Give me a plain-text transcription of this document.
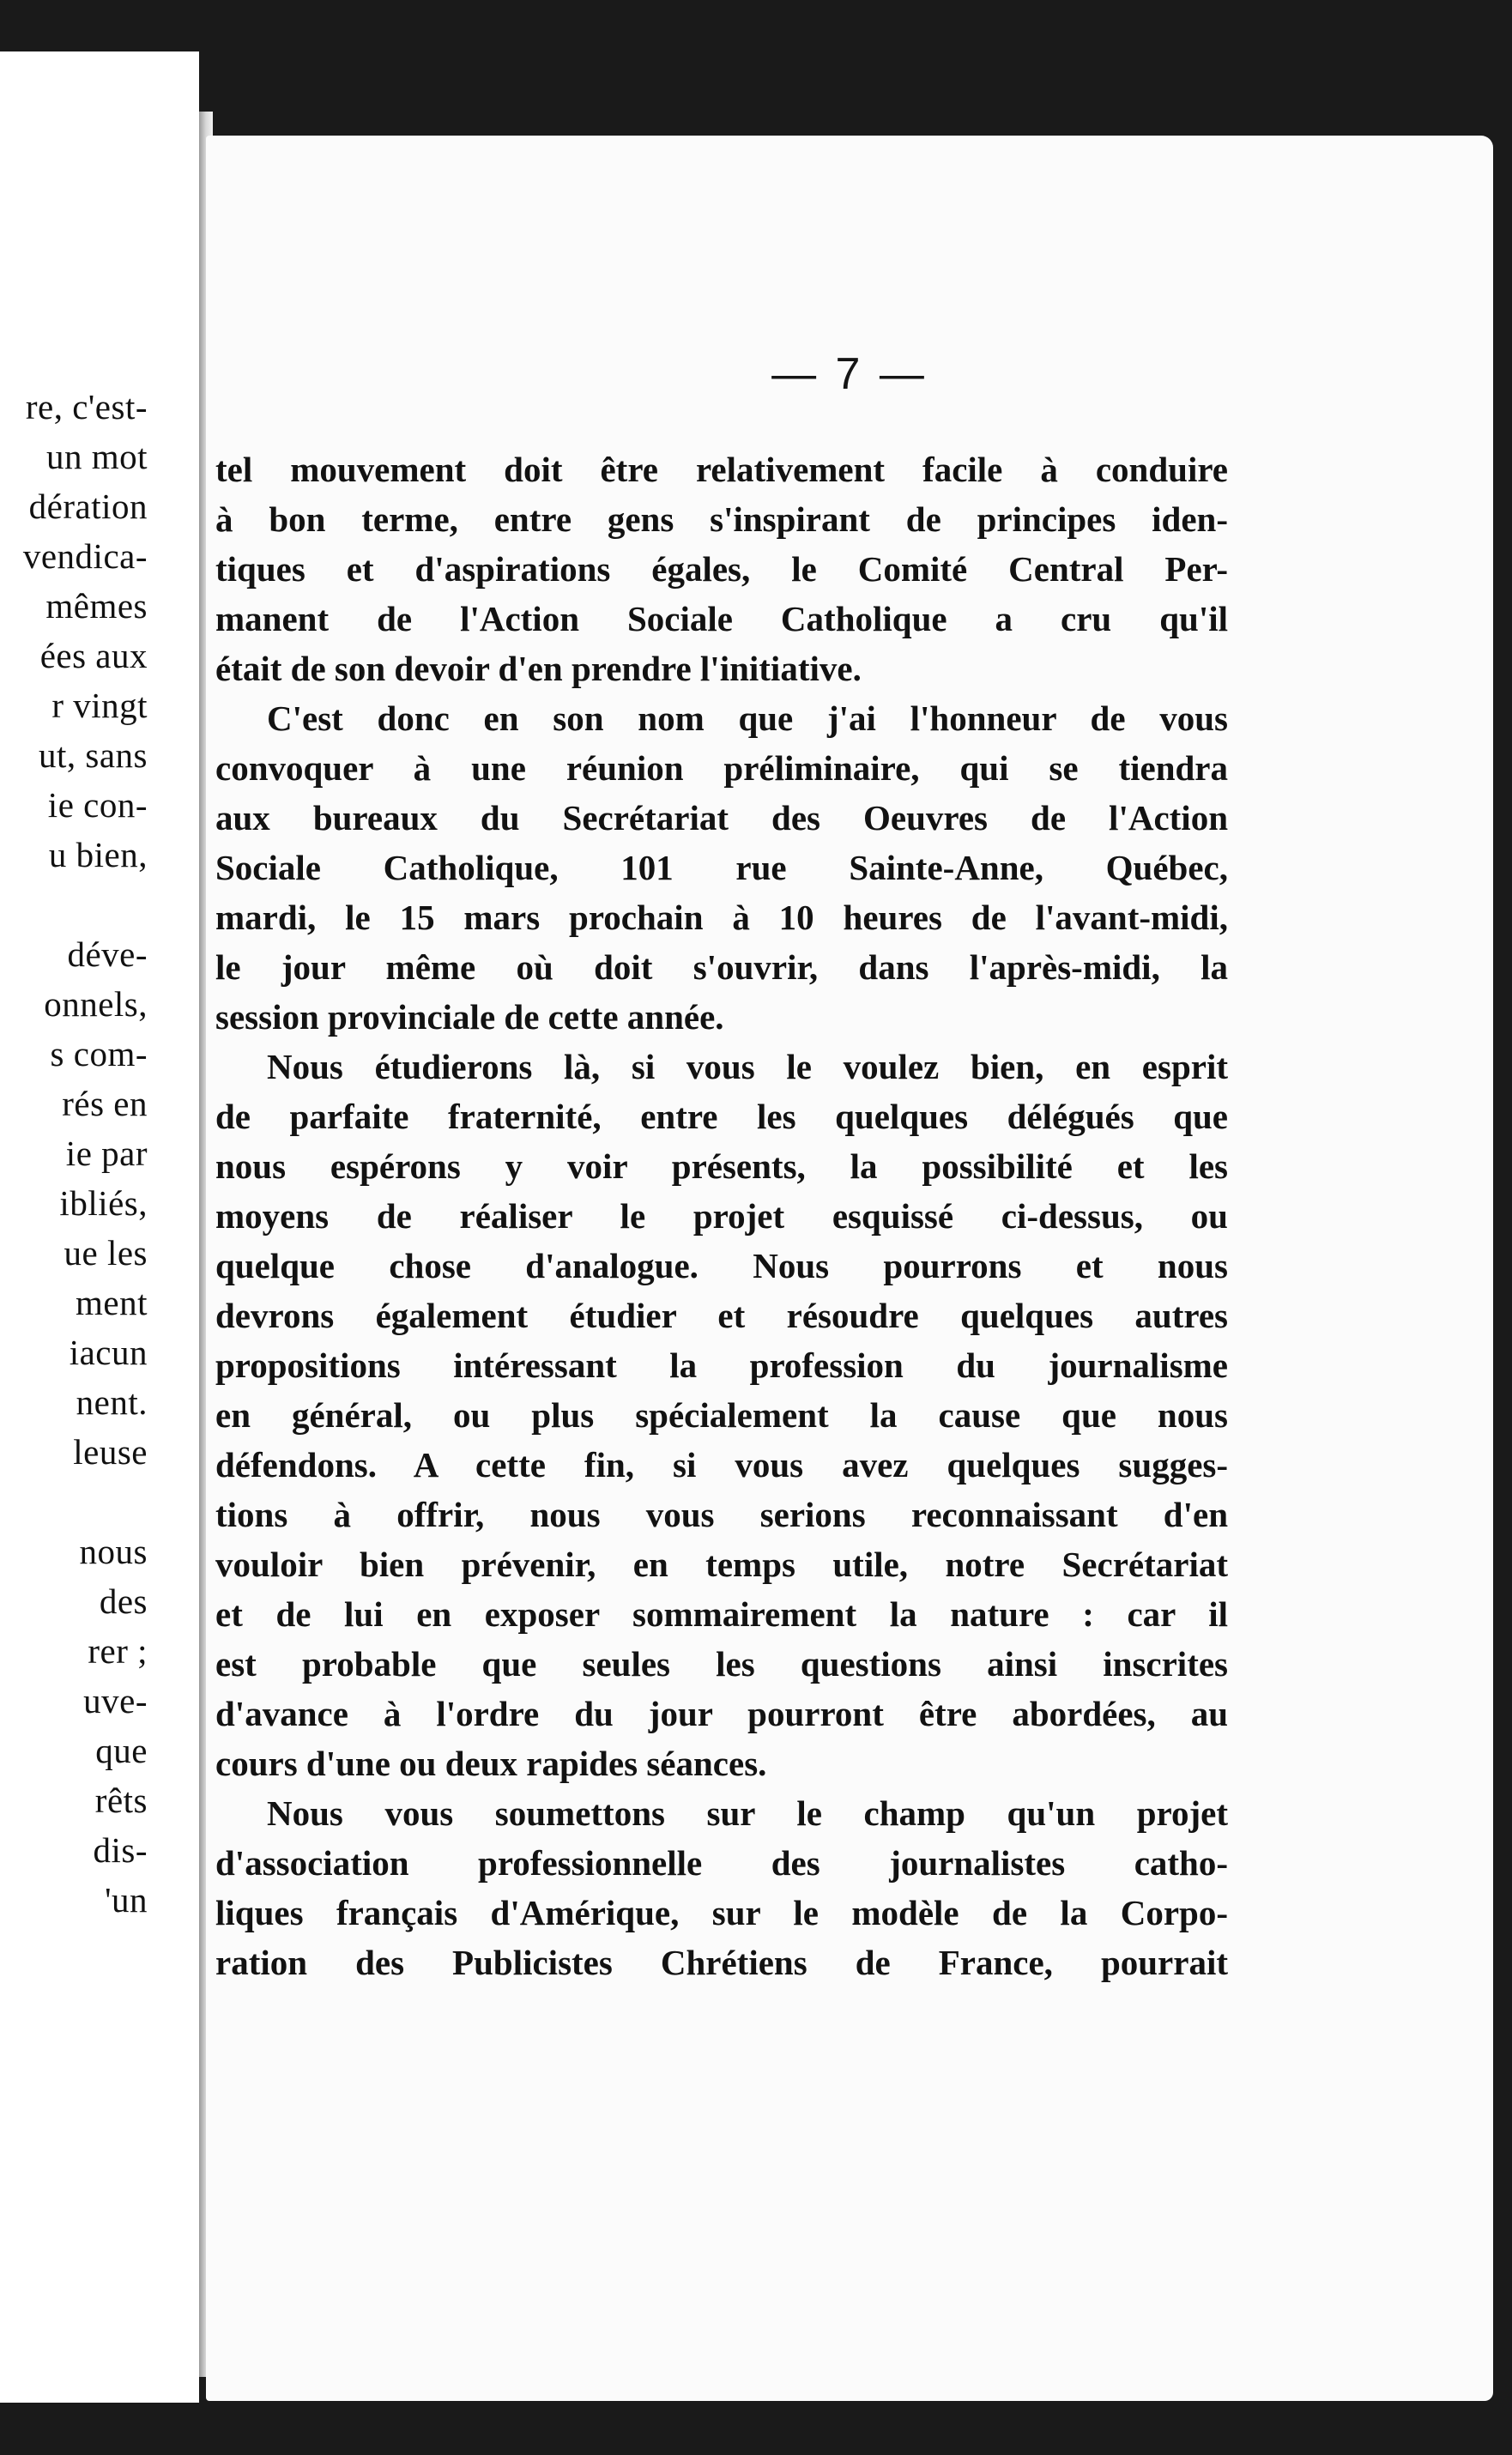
re, c'est-
un mot
dération
vendica-
mêmes
ées aux
r vingt
ut, sans
ie con-
u bien,
déve-
onnels,
s com-
rés en
ie par
ibliés,
ue les
ment
iacun
nent.
leuse
nous
des
rer ;
uve-
que
rêts
dis-
'un
— 7 —
tel mouvement doit être relativement facile à conduire
à bon terme, entre gens s'inspirant de principes iden-
tiques et d'aspirations égales, le Comité Central Per-
manent de l'Action Sociale Catholique a cru qu'il
était de son devoir d'en prendre l'initiative.
C'est donc en son nom que j'ai l'honneur de vous
convoquer à une réunion préliminaire, qui se tiendra
aux bureaux du Secrétariat des Oeuvres de l'Action
Sociale Catholique, 101 rue Sainte-Anne, Québec,
mardi, le 15 mars prochain à 10 heures de l'avant-midi,
le jour même où doit s'ouvrir, dans l'après-midi, la
session provinciale de cette année.
Nous étudierons là, si vous le voulez bien, en esprit
de parfaite fraternité, entre les quelques délégués que
nous espérons y voir présents, la possibilité et les
moyens de réaliser le projet esquissé ci-dessus, ou
quelque chose d'analogue. Nous pourrons et nous
devrons également étudier et résoudre quelques autres
propositions intéressant la profession du journalisme
en général, ou plus spécialement la cause que nous
défendons. A cette fin, si vous avez quelques sugges-
tions à offrir, nous vous serions reconnaissant d'en
vouloir bien prévenir, en temps utile, notre Secrétariat
et de lui en exposer sommairement la nature : car il
est probable que seules les questions ainsi inscrites
d'avance à l'ordre du jour pourront être abordées, au
cours d'une ou deux rapides séances.
Nous vous soumettons sur le champ qu'un projet
d'association professionnelle des journalistes catho-
liques français d'Amérique, sur le modèle de la Corpo-
ration des Publicistes Chrétiens de France, pourrait
